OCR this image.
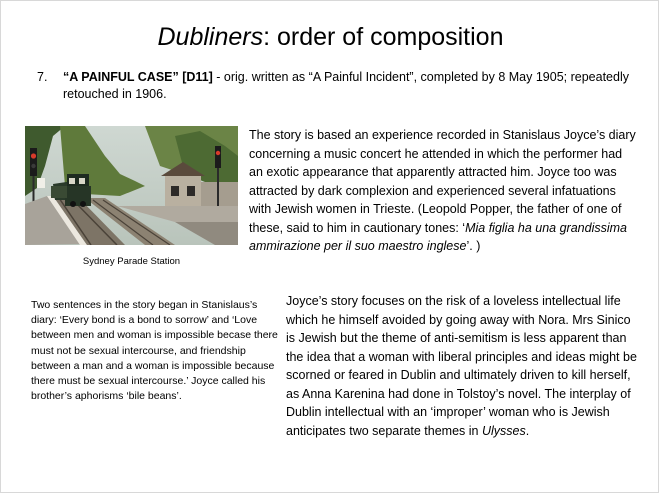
Dubliners: order of composition
7. “A PAINFUL CASE” [D11] - orig. written as “A Painful Incident”, completed by 8 May 1905; repeatedly retouched in 1906.
Sydney Parade Station
The story is based an experience recorded in Stanislaus Joyce’s diary concerning a music concert he attended in which the performer had an exotic appearance that apparently attracted him. Joyce too was attracted by dark complexion and experienced several infatuations with Jewish women in Trieste. (Leopold Popper, the father of one of these, said to him in cautionary tones: ‘Mia figlia ha una grandissima ammirazione per il suo maestro inglese’. )
Two sentences in the story began in Stanislaus’s diary: ‘Every bond is a bond to sorrow’ and ‘Love between men and woman is impossible becase there must not be sexual intercourse, and friendship between a man and a woman is impossible because there must be sexual intercourse.’ Joyce called his brother’s aphorisms ‘bile beans’.
Joyce’s story focuses on the risk of a loveless intellectual life which he himself avoided by going away with Nora. Mrs Sinico is Jewish but the theme of anti-semitism is less apparent than the idea that a woman with liberal principles and ideas might be scorned or feared in Dublin and ultimately driven to kill herself, as Anna Karenina had done in Tolstoy’s novel. The interplay of Dublin intellectual with an ‘improper’ woman who is Jewish anticipates two separate themes in Ulysses.
